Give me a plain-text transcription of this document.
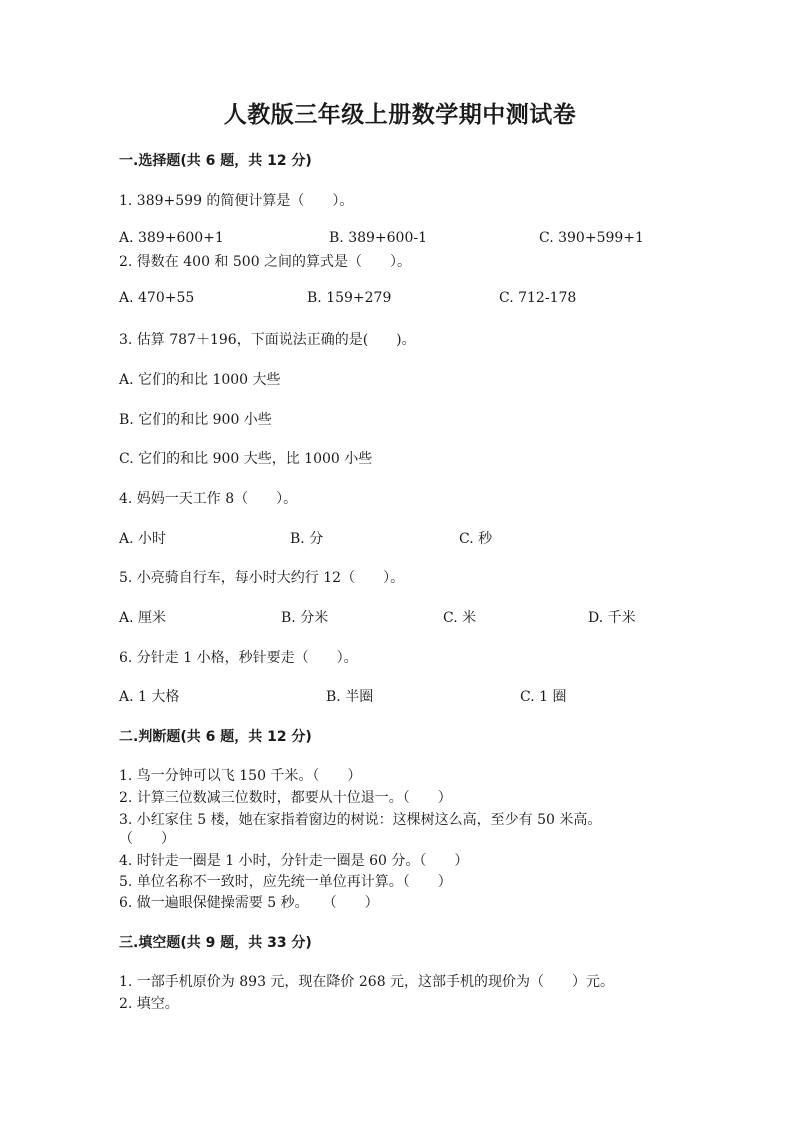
人教版三年级上册数学期中测试卷
一.选择题(共 6 题，共 12 分)
1. 389+599 的简便计算是（　　）。
A. 389+600+1	B. 389+600-1	C. 390+599+1
2. 得数在 400 和 500 之间的算式是（　　）。
A. 470+55	B. 159+279	C. 712-178
3. 估算 787＋196，下面说法正确的是(　　)。
A. 它们的和比 1000 大些
B. 它们的和比 900 小些
C. 它们的和比 900 大些，比 1000 小些
4. 妈妈一天工作 8（　　）。
A. 小时	B. 分	C. 秒
5. 小亮骑自行车，每小时大约行 12（　　）。
A. 厘米	B. 分米	C. 米	D. 千米
6. 分针走 1 小格，秒针要走（　　）。
A. 1 大格	B. 半圈	C. 1 圈
二.判断题(共 6 题，共 12 分)
1. 鸟一分钟可以飞 150 千米。（　　）
2. 计算三位数减三位数时，都要从十位退一。（　　）
3. 小红家住 5 楼，她在家指着窗边的树说：这棵树这么高，至少有 50 米高。
（　　）
4. 时针走一圈是 1 小时，分针走一圈是 60 分。（　　）
5. 单位名称不一致时，应先统一单位再计算。（　　）
6. 做一遍眼保健操需要 5 秒。　　（　　）
三.填空题(共 9 题，共 33 分)
1. 一部手机原价为 893 元，现在降价 268 元，这部手机的现价为（　　）元。
2. 填空。
